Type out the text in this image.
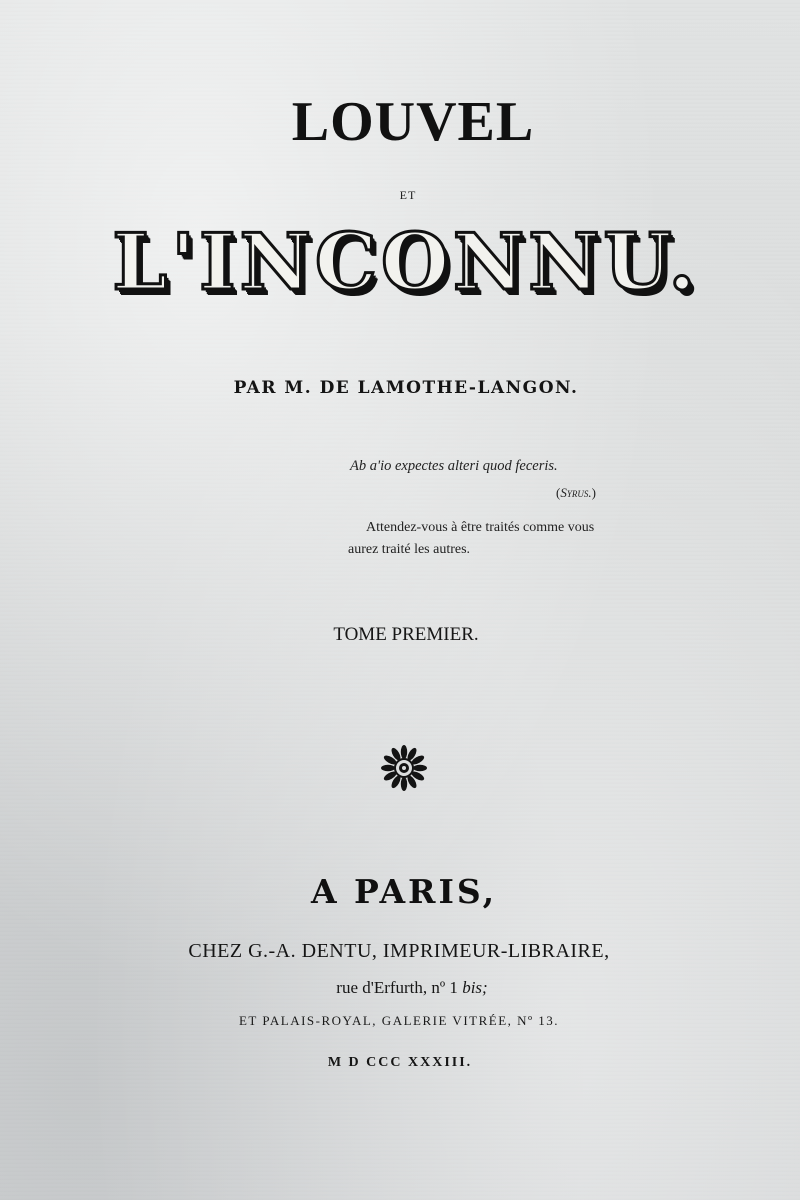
LOUVEL
ET
L'INCONNU.
PAR M. DE LAMOTHE-LANGON.
Ab a'io expectes alteri quod feceris.
(Syrus.)
Attendez-vous à être traités comme vous
aurez traité les autres.
TOME PREMIER.
A PARIS,
CHEZ G.-A. DENTU, IMPRIMEUR-LIBRAIRE,
rue d'Erfurth, nº 1 bis;
ET PALAIS-ROYAL, GALERIE VITRÉE, Nº 13.
M D CCC XXXIII.
